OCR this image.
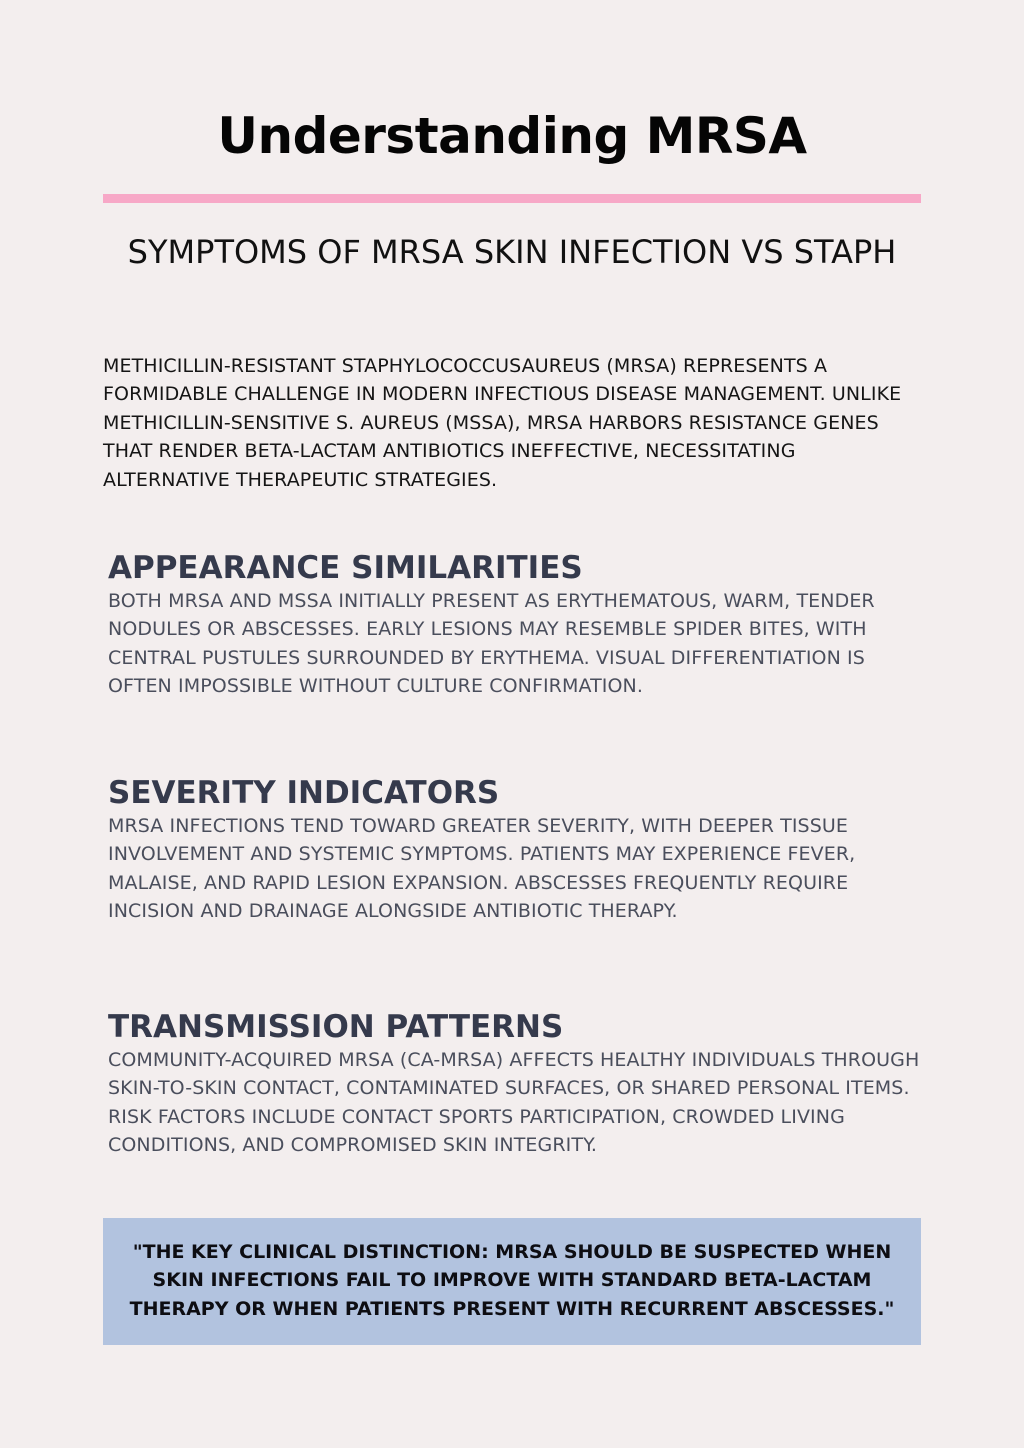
Understanding MRSA
SYMPTOMS OF MRSA SKIN INFECTION VS STAPH

METHICILLIN-RESISTANT STAPHYLOCOCCUSAUREUS (MRSA) REPRESENTS A FORMIDABLE CHALLENGE IN MODERN INFECTIOUS DISEASE MANAGEMENT. UNLIKE METHICILLIN-SENSITIVE S. AUREUS (MSSA), MRSA HARBORS RESISTANCE GENES THAT RENDER BETA-LACTAM ANTIBIOTICS INEFFECTIVE, NECESSITATING ALTERNATIVE THERAPEUTIC STRATEGIES.

APPEARANCE SIMILARITIES

BOTH MRSA AND MSSA INITIALLY PRESENT AS ERYTHEMATOUS, WARM, TENDER NODULES OR ABSCESSES. EARLY LESIONS MAY RESEMBLE SPIDER BITES, WITH CENTRAL PUSTULES SURROUNDED BY ERYTHEMA. VISUAL DIFFERENTIATION IS OFTEN IMPOSSIBLE WITHOUT CULTURE CONFIRMATION.

SEVERITY INDICATORS

MRSA INFECTIONS TEND TOWARD GREATER SEVERITY, WITH DEEPER TISSUE INVOLVEMENT AND SYSTEMIC SYMPTOMS. PATIENTS MAY EXPERIENCE FEVER, MALAISE, AND RAPID LESION EXPANSION. ABSCESSES FREQUENTLY REQUIRE INCISION AND DRAINAGE ALONGSIDE ANTIBIOTIC THERAPY.

TRANSMISSION PATTERNS

COMMUNITY-ACQUIRED MRSA (CA-MRSA) AFFECTS HEALTHY INDIVIDUALS THROUGH SKIN-TO-SKIN CONTACT, CONTAMINATED SURFACES, OR SHARED PERSONAL ITEMS. RISK FACTORS INCLUDE CONTACT SPORTS PARTICIPATION, CROWDED LIVING CONDITIONS, AND COMPROMISED SKIN INTEGRITY.

"THE KEY CLINICAL DISTINCTION: MRSA SHOULD BE SUSPECTED WHEN SKIN INFECTIONS FAIL TO IMPROVE WITH STANDARD BETA-LACTAM THERAPY OR WHEN PATIENTS PRESENT WITH RECURRENT ABSCESSES."
